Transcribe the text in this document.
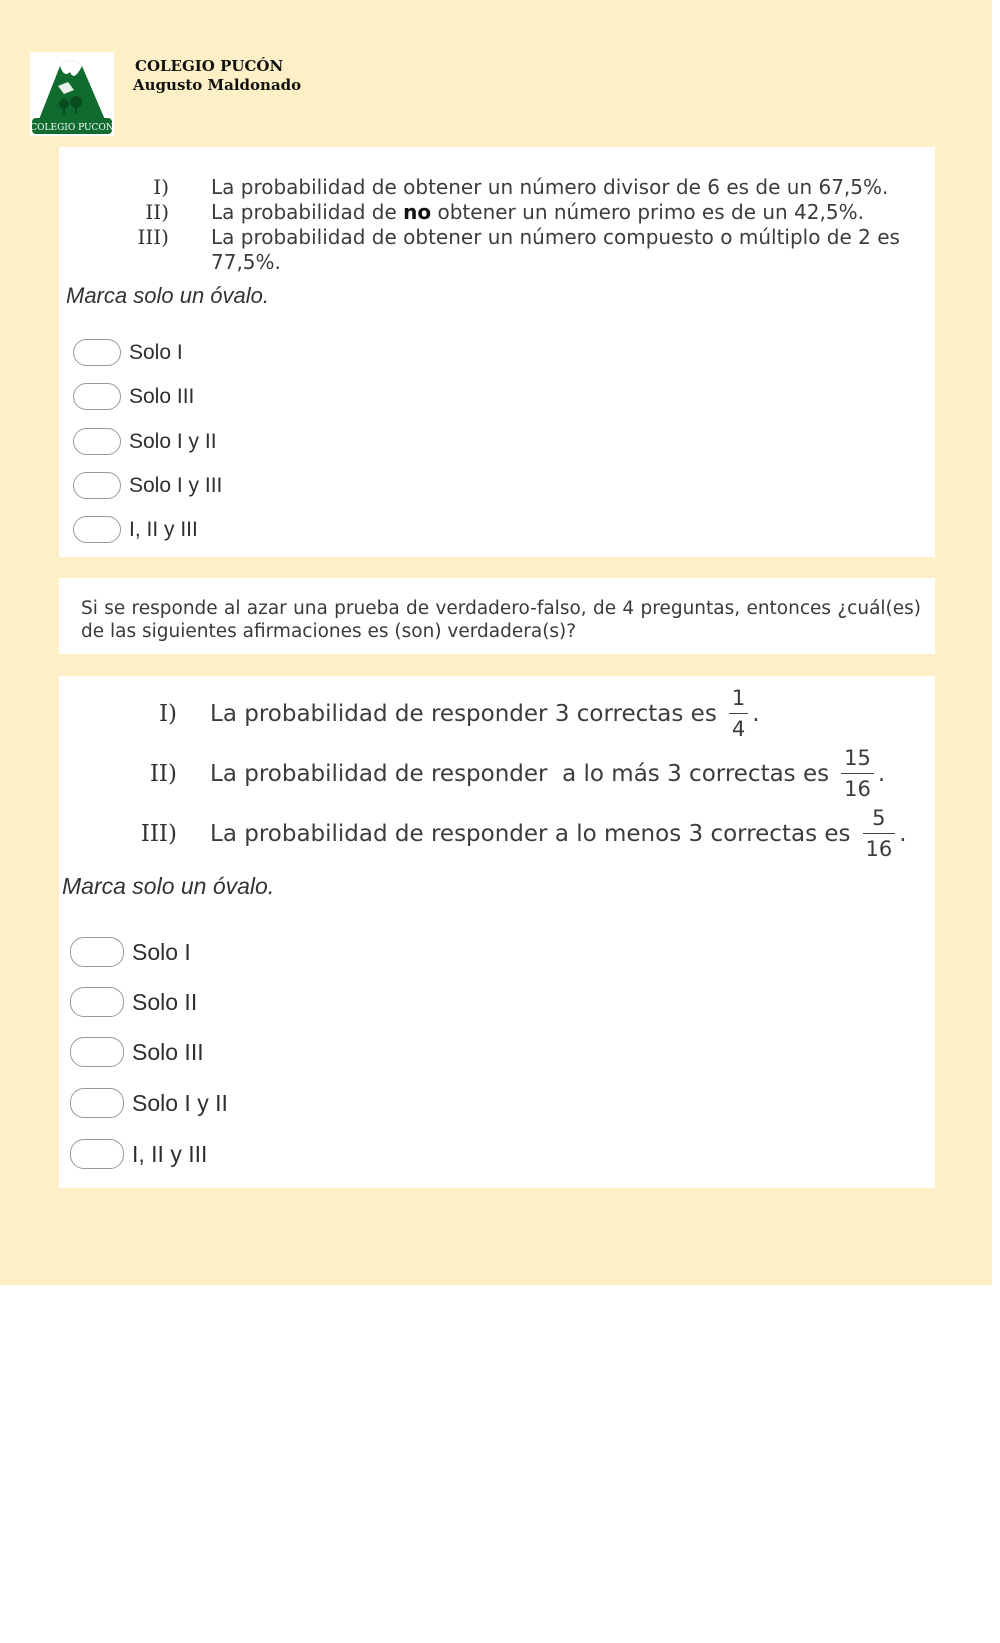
COLEGIO PUCON
COLEGIO PUCÓN
Augusto Maldonado
I) La probabilidad de obtener un número divisor de 6 es de un 67,5%.
II) La probabilidad de no obtener un número primo es de un 42,5%.
III) La probabilidad de obtener un número compuesto o múltiplo de 2 es 77,5%.
Marca solo un óvalo.
Solo I
Solo III
Solo I y II
Solo I y III
I, II y III
Si se responde al azar una prueba de verdadero-falso, de 4 preguntas, entonces ¿cuál(es) de las siguientes afirmaciones es (son) verdadera(s)?
I) La probabilidad de responder 3 correctas es $\frac{1}{4}$ .
II) La probabilidad de responder  a lo más 3 correctas es $\frac{15}{16}$ .
III) La probabilidad de responder a lo menos 3 correctas es $\frac{5}{16}$ .
Marca solo un óvalo.
Solo I
Solo II
Solo III
Solo I y II
I, II y III
